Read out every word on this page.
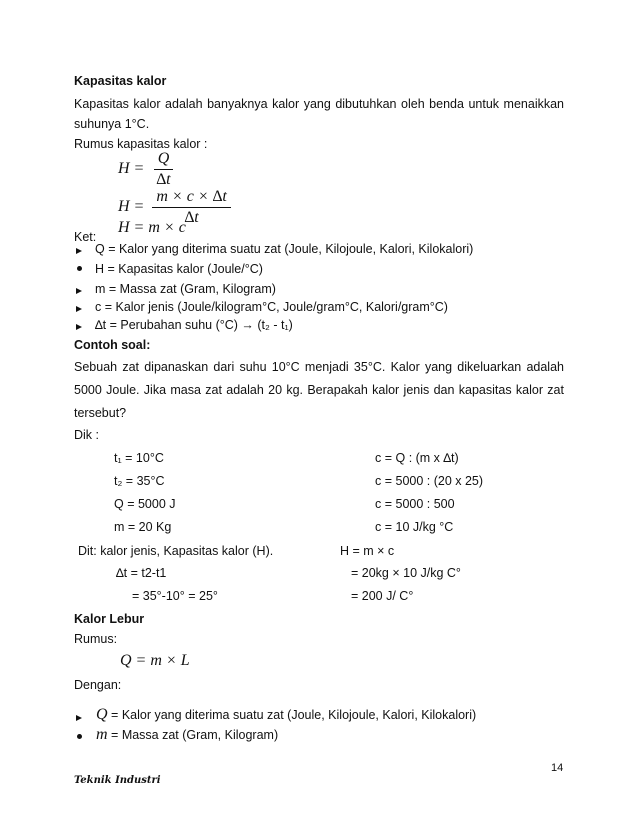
Kapasitas kalor
Kapasitas kalor adalah banyaknya kalor yang dibutuhkan oleh benda untuk menaikkan suhunya 1°C.
Rumus kapasitas kalor :
$H = \frac{Q}{\Delta t}$
$H = \frac{m \times c \times \Delta t}{\Delta t}$
H = m × c
Ket:
Q = Kalor yang diterima suatu zat (Joule, Kilojoule, Kalori, Kilokalori)
H = Kapasitas kalor (Joule/°C)
m = Massa zat (Gram, Kilogram)
c = Kalor jenis (Joule/kilogram°C, Joule/gram°C, Kalori/gram°C)
∆t = Perubahan suhu (°C) → (t₂ - t₁)
Contoh soal:
Sebuah zat dipanaskan dari suhu 10°C menjadi 35°C. Kalor yang dikeluarkan adalah 5000 Joule. Jika masa zat adalah 20 kg. Berapakah kalor jenis dan kapasitas kalor zat tersebut?
Dik :
t₁ = 10°C	c = Q : (m x ∆t)
t₂ = 35°C	c = 5000 : (20 x 25)
Q = 5000 J	c = 5000 : 500
m = 20 Kg	c = 10 J/kg °C
Dit: kalor jenis, Kapasitas kalor (H).	H = m × c
∆t = t2-t1	= 20kg × 10 J/kg C°
= 35°-10° = 25°	= 200 J/ C°
Kalor Lebur
Rumus:
Q = m × L
Dengan:
Q = Kalor yang diterima suatu zat (Joule, Kilojoule, Kalori, Kilokalori)
m = Massa zat (Gram, Kilogram)
14
Teknik Industri
